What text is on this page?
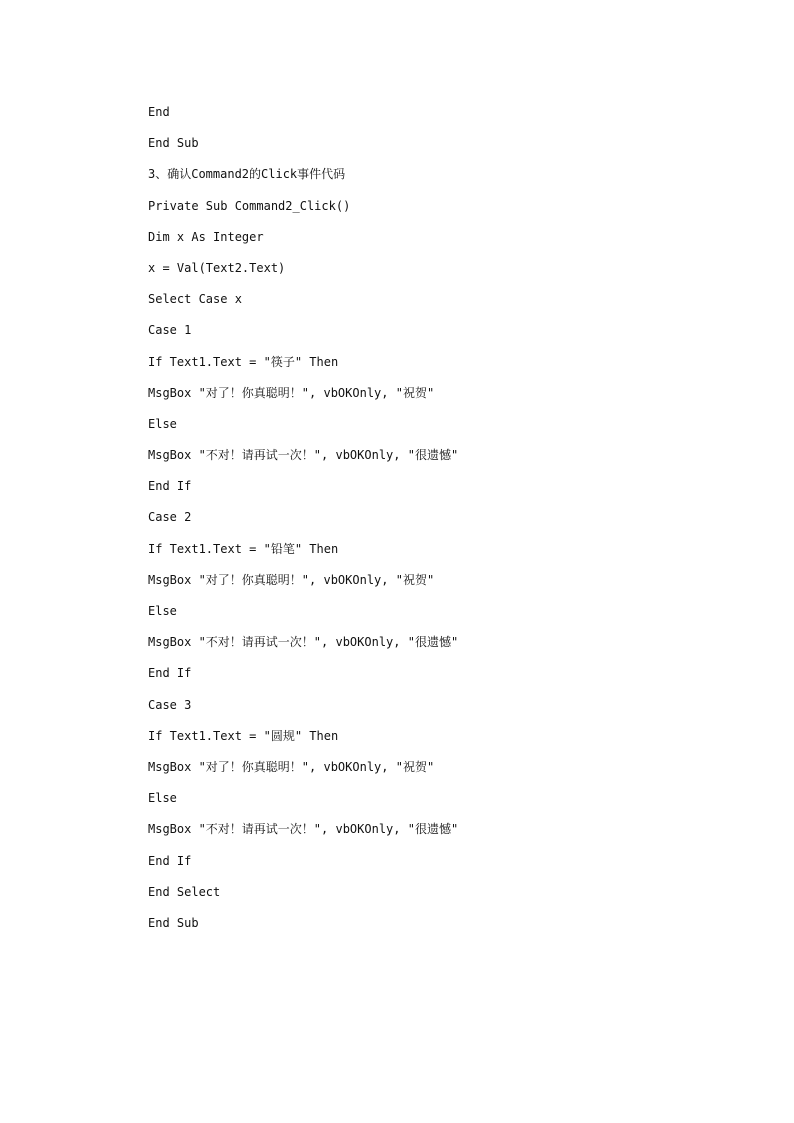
End
End Sub
3、确认Command2的Click事件代码
Private Sub Command2_Click()
Dim x As Integer
x = Val(Text2.Text)
Select Case x
Case 1
If Text1.Text = "筷子" Then
MsgBox "对了！你真聪明！", vbOKOnly, "祝贺"
Else
MsgBox "不对！请再试一次！", vbOKOnly, "很遗憾"
End If
Case 2
If Text1.Text = "铅笔" Then
MsgBox "对了！你真聪明！", vbOKOnly, "祝贺"
Else
MsgBox "不对！请再试一次！", vbOKOnly, "很遗憾"
End If
Case 3
If Text1.Text = "圆规" Then
MsgBox "对了！你真聪明！", vbOKOnly, "祝贺"
Else
MsgBox "不对！请再试一次！", vbOKOnly, "很遗憾"
End If
End Select
End Sub
